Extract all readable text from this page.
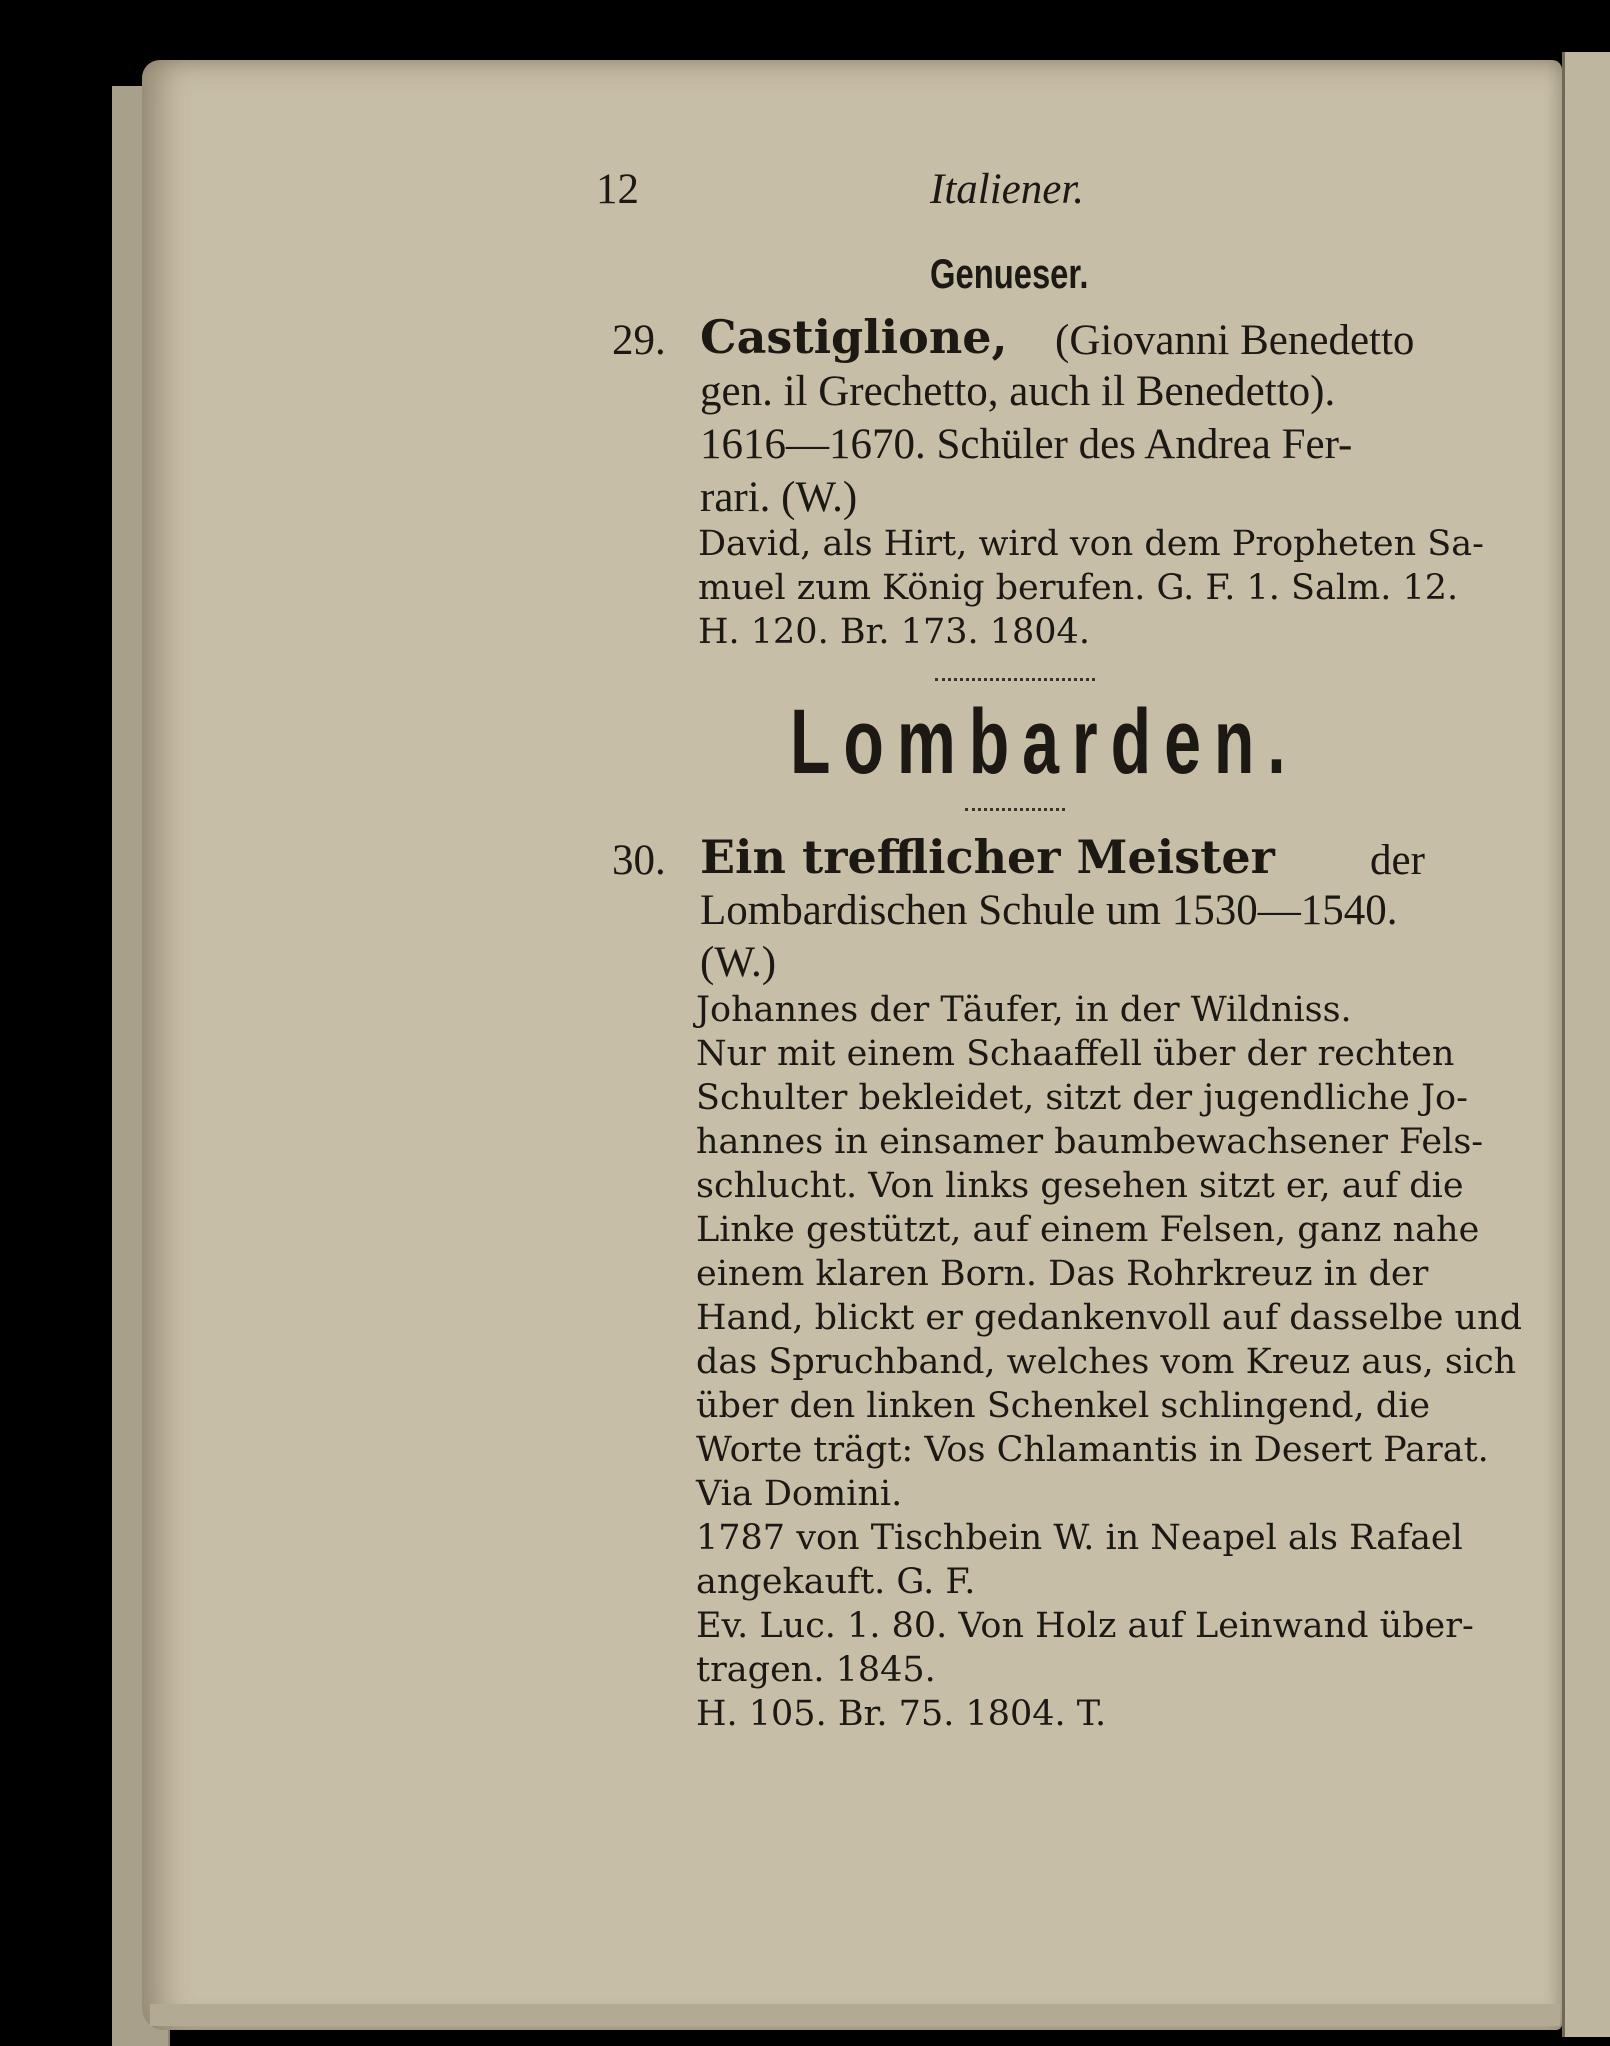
12	Italiener.
Genueser.
29. Castiglione, (Giovanni Benedetto
gen. il Grechetto, auch il Benedetto).
1616—1670. Schüler des Andrea Fer-
rari. (W.)
David, als Hirt, wird von dem Propheten Sa-
muel zum König berufen. G. F. 1. Salm. 12.
H. 120. Br. 173. 1804.
Lombarden.
30. Ein trefflicher Meister der
Lombardischen Schule um 1530—1540.
(W.)
Johannes der Täufer, in der Wildniss.
Nur mit einem Schaaffell über der rechten
Schulter bekleidet, sitzt der jugendliche Jo-
hannes in einsamer baumbewachsener Fels-
schlucht. Von links gesehen sitzt er, auf die
Linke gestützt, auf einem Felsen, ganz nahe
einem klaren Born. Das Rohrkreuz in der
Hand, blickt er gedankenvoll auf dasselbe und
das Spruchband, welches vom Kreuz aus, sich
über den linken Schenkel schlingend, die
Worte trägt: Vos Chlamantis in Desert Parat.
Via Domini.
1787 von Tischbein W. in Neapel als Rafael
angekauft. G. F.
Ev. Luc. 1. 80. Von Holz auf Leinwand über-
tragen. 1845.
H. 105. Br. 75. 1804. T.
